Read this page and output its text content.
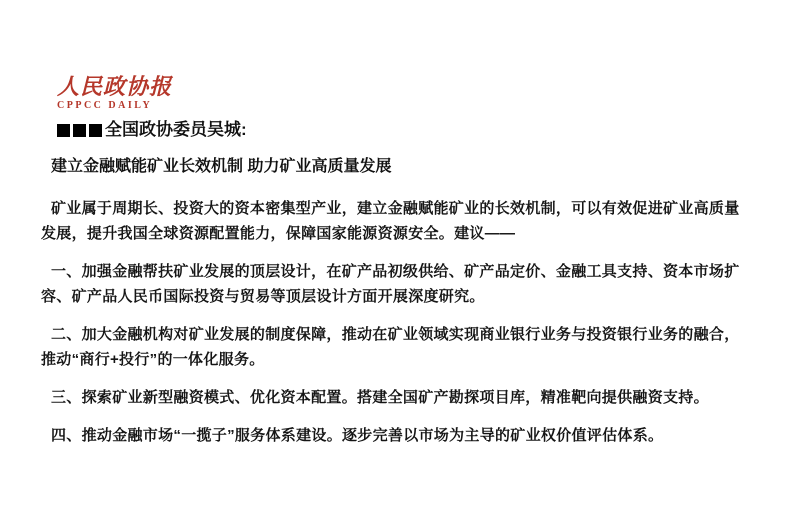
人民政协报
CPPCC DAILY
全国政协委员吴城:
建立金融赋能矿业长效机制 助力矿业高质量发展

矿业属于周期长、投资大的资本密集型产业，建立金融赋能矿业的长效机制，可以有效促进矿业高质量发展，提升我国全球资源配置能力，保障国家能源资源安全。建议——

一、加强金融帮扶矿业发展的顶层设计，在矿产品初级供给、矿产品定价、金融工具支持、资本市场扩容、矿产品人民币国际投资与贸易等顶层设计方面开展深度研究。

二、加大金融机构对矿业发展的制度保障，推动在矿业领域实现商业银行业务与投资银行业务的融合，推动“商行+投行”的一体化服务。

三、探索矿业新型融资模式、优化资本配置。搭建全国矿产勘探项目库，精准靶向提供融资支持。

四、推动金融市场“一揽子”服务体系建设。逐步完善以市场为主导的矿业权价值评估体系。
